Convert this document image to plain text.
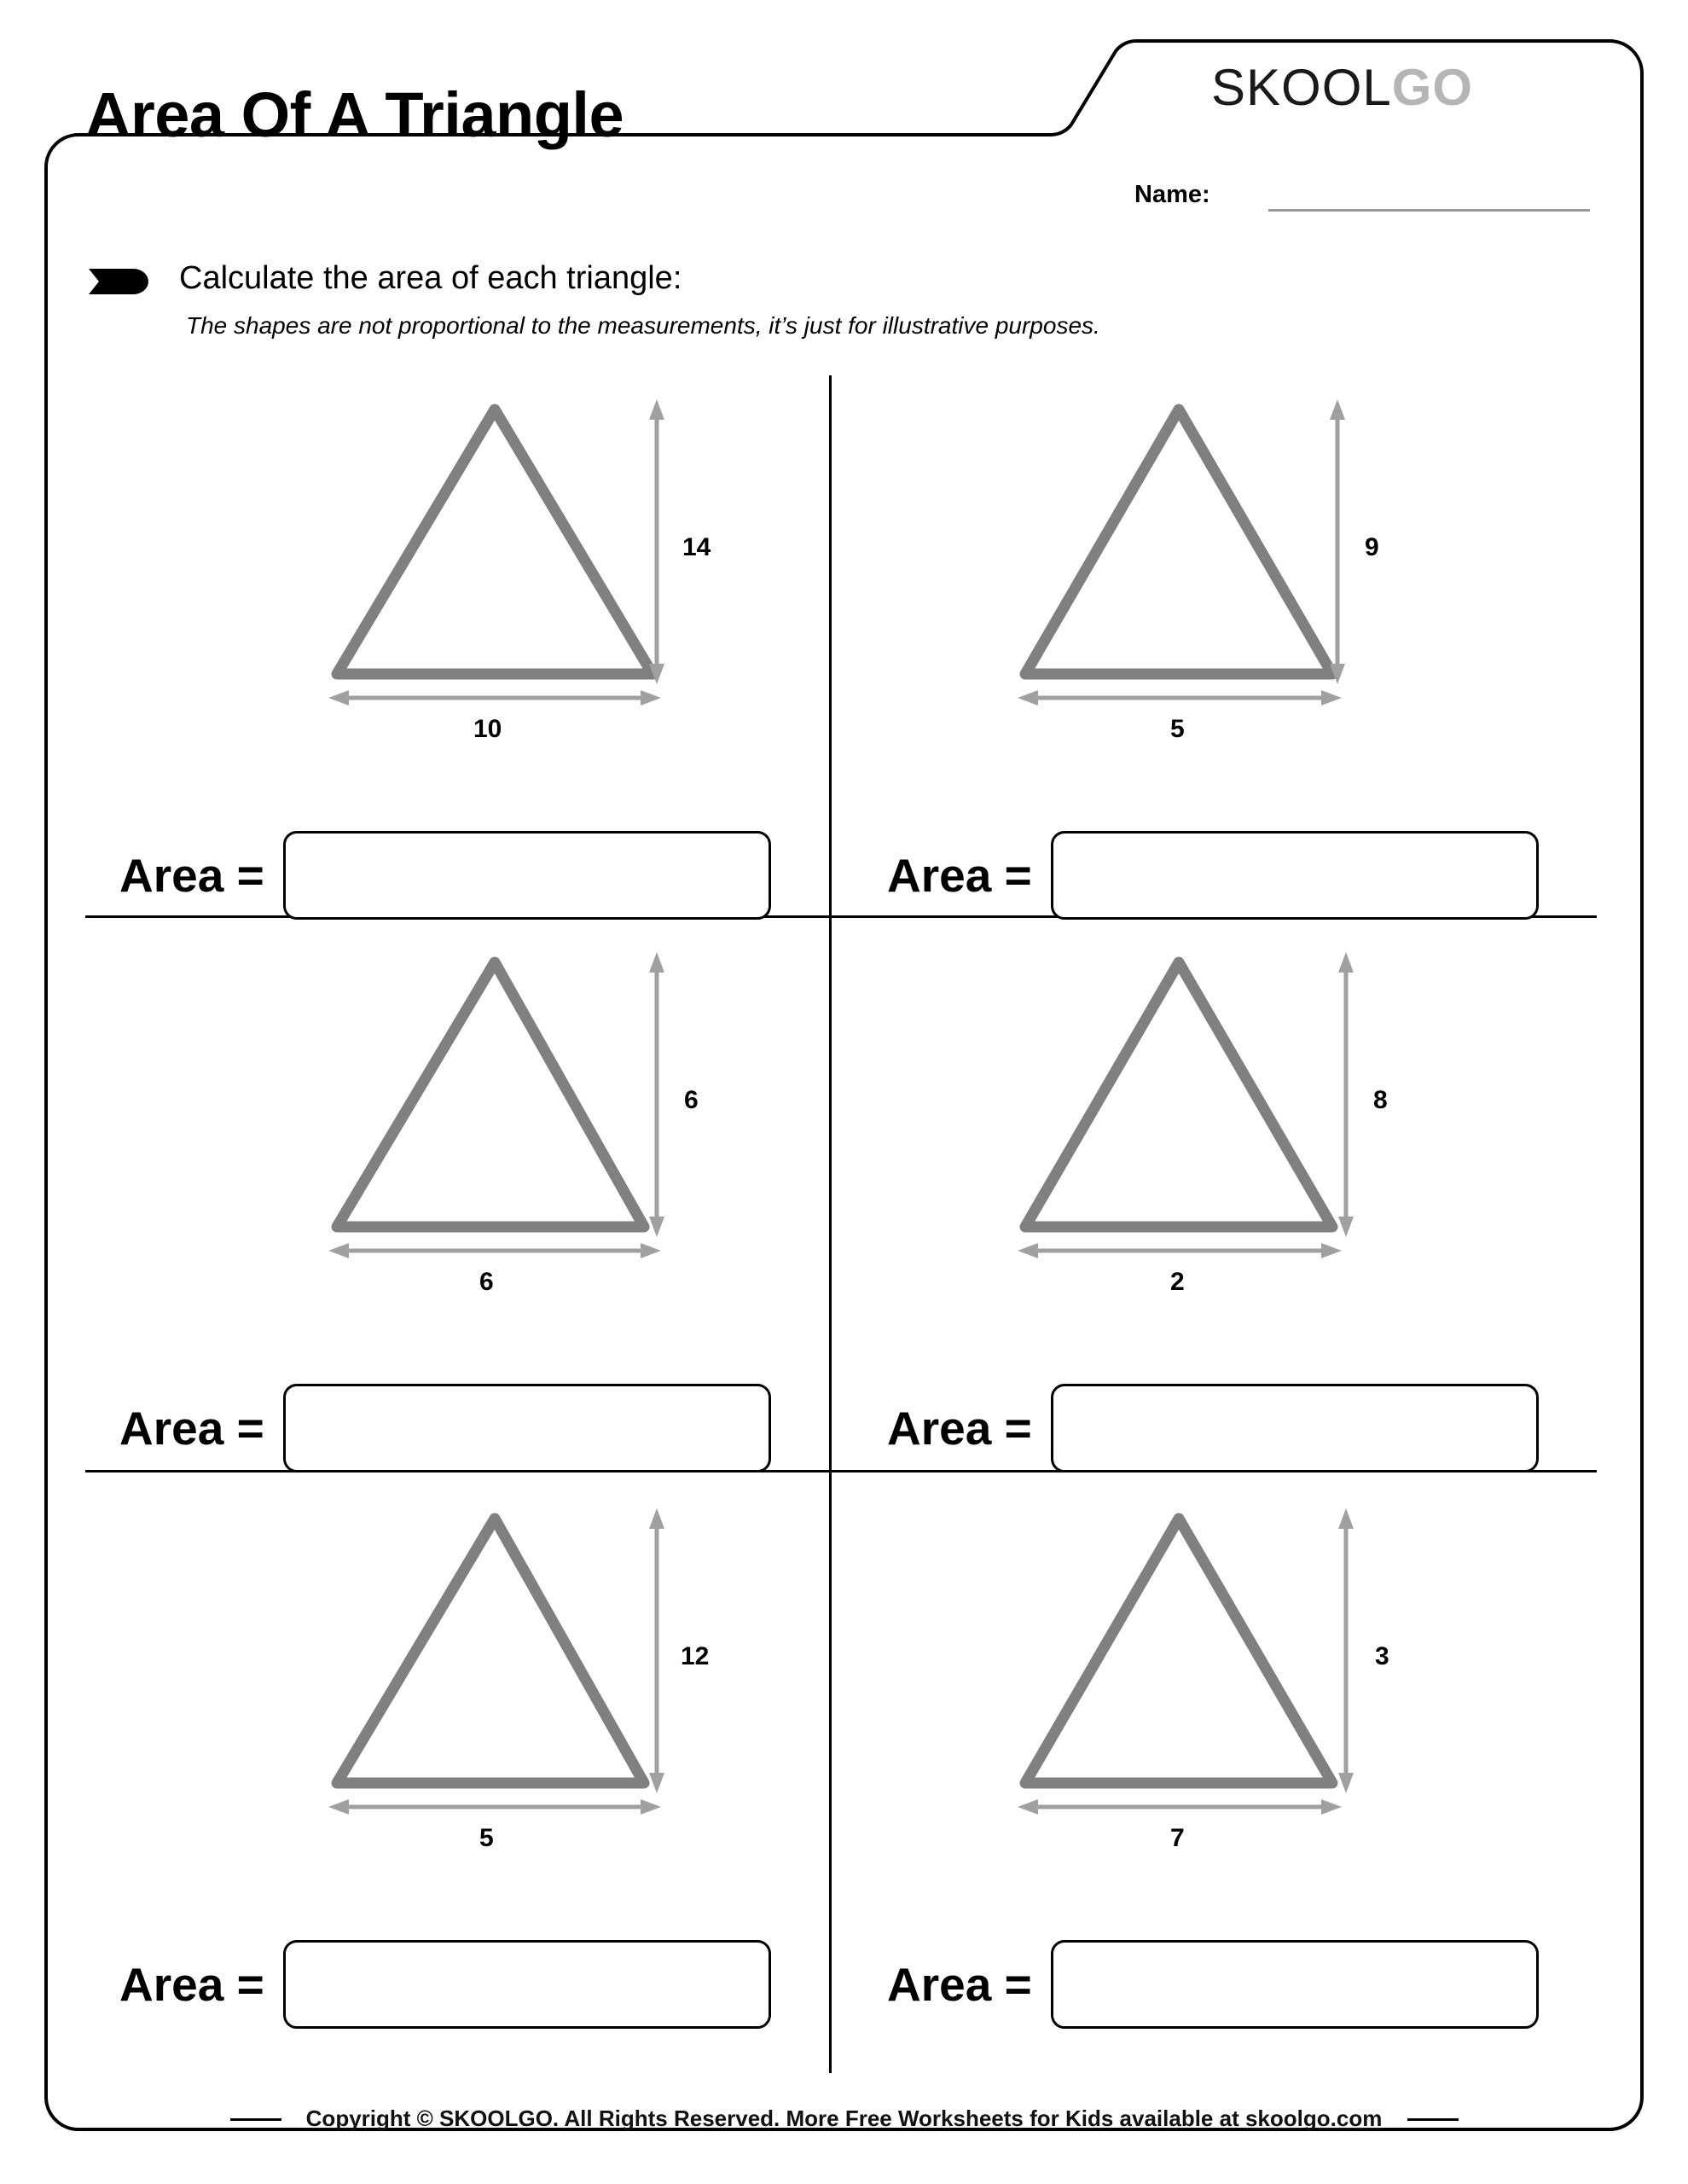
Area Of A Triangle	SKOOLGO
Name:
Calculate the area of each triangle:
The shapes are not proportional to the measurements, it’s just for illustrative purposes.
14
10
Area =
9
5
Area =
6
6
Area =
8
2
Area =
12
5
Area =
3
7
Area =
Copyright © SKOOLGO. All Rights Reserved. More Free Worksheets for Kids available at skoolgo.com
